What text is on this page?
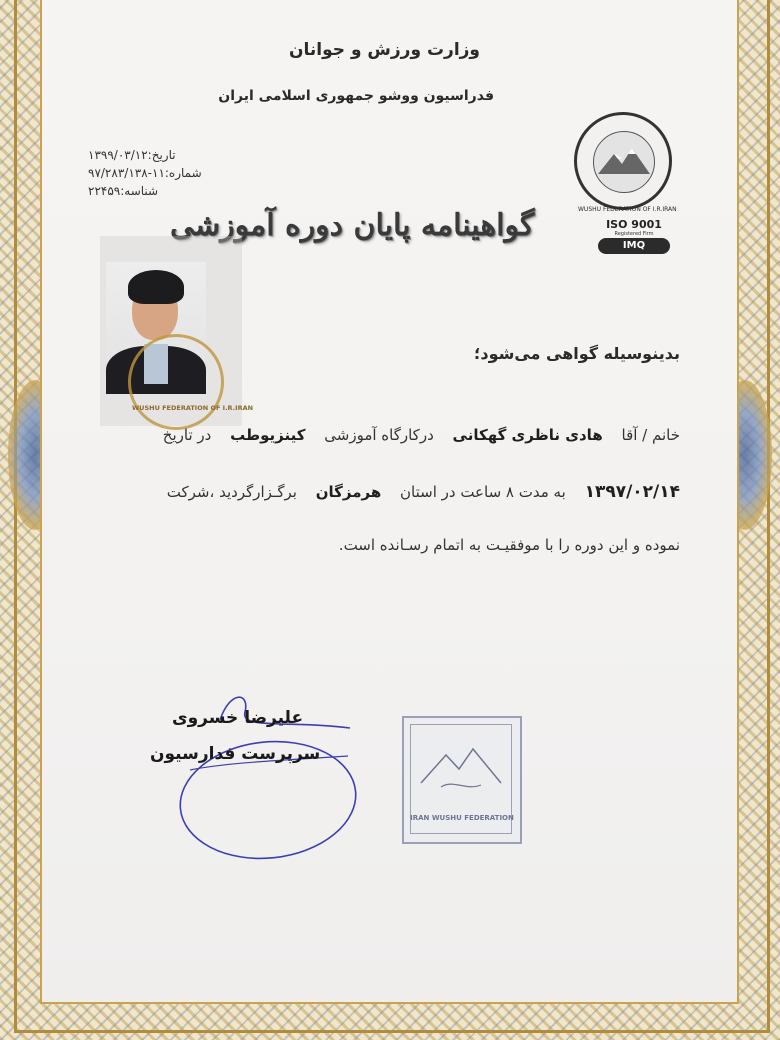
وزارت ورزش و جوانان
فدراسیون ووشو جمهوری اسلامی ایران
تاریخ:۱۳۹۹/۰۳/۱۲
شماره:۱۱-۹۷/۲۸۳/۱۳۸
شناسه:۲۲۴۵۹
WUSHU FEDERATION OF I.R.IRAN
ISO 9001
Registered Firm
IMQ
گواهینامه پایان دوره آموزشی
WUSHU FEDERATION OF I.R.IRAN
بدینوسیله گواهی می‌شود؛
خانم / آقا هادی ناظری گهکانی درکارگاه آموزشی کینزیوطب در تاریخ
۱۳۹۷/۰۲/۱۴ به مدت ۸ ساعت در استان هرمزگان برگـزارگردید ،شرکت
نموده و این دوره را با موفقیـت به اتمام رسـانده است.
علیرضا خسروی
سرپرست فدارسیون
IRAN WUSHU FEDERATION
